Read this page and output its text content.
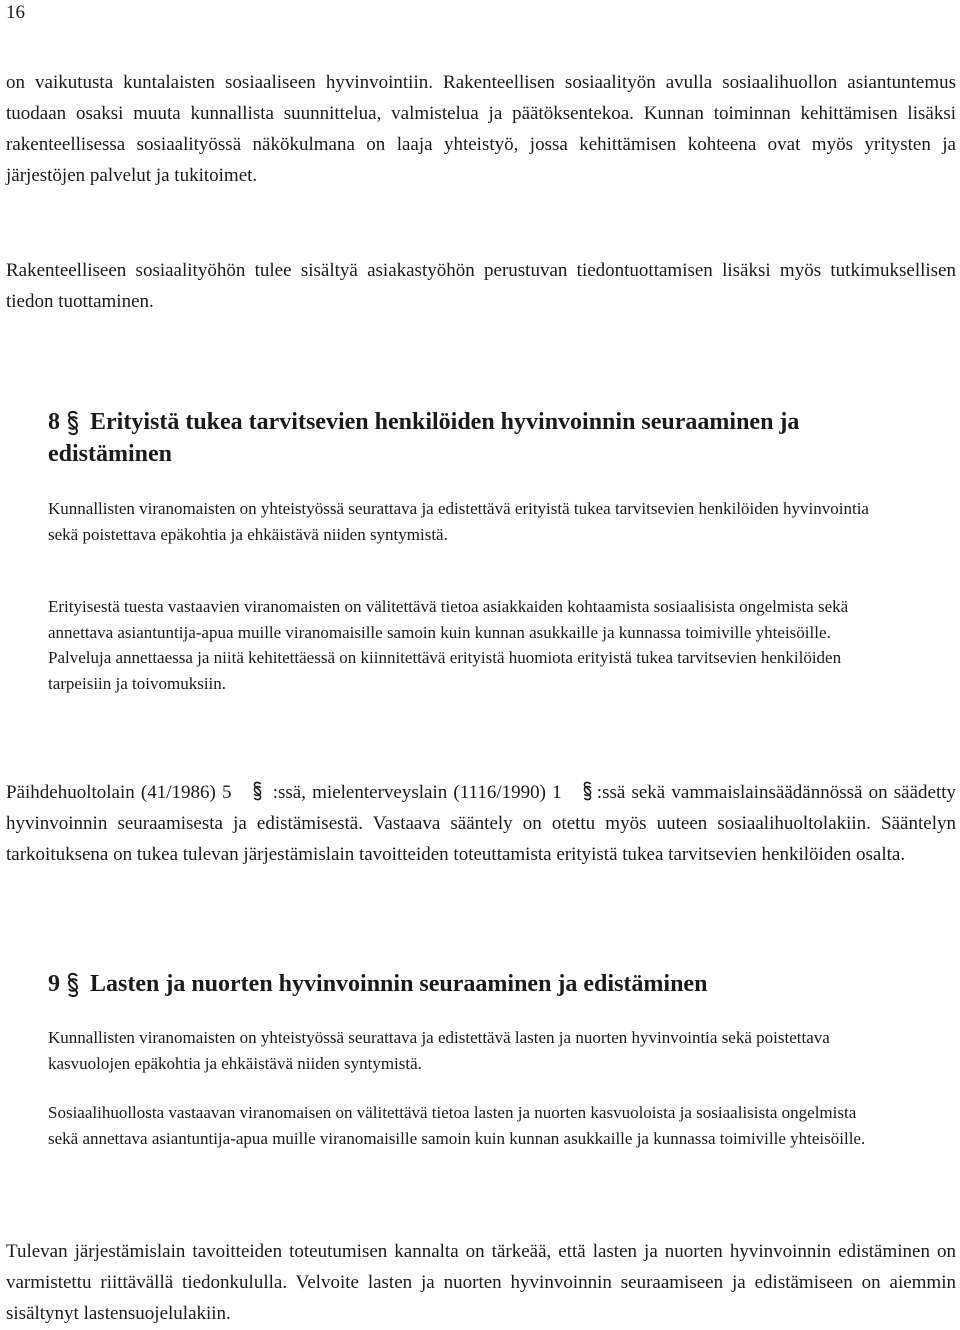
16

on vaikutusta kuntalaisten sosiaaliseen hyvinvointiin. Rakenteellisen sosiaalityön avulla sosiaalihuollon asiantuntemus tuodaan osaksi muuta kunnallista suunnittelua, valmistelua ja päätöksentekoa. Kunnan toiminnan kehittämisen lisäksi rakenteellisessa sosiaalityössä näkökulmana on laaja yhteistyö, jossa kehittämisen kohteena ovat myös yritysten ja järjestöjen palvelut ja tukitoimet.

Rakenteelliseen sosiaalityöhön tulee sisältyä asiakastyöhön perustuvan tiedontuottamisen lisäksi myös tutkimuksellisen tiedon tuottaminen.

8 Erityistä tukea tarvitsevien henkilöiden hyvinvoinnin seuraaminen ja edistäminen

Kunnallisten viranomaisten on yhteistyössä seurattava ja edistettävä erityistä tukea tarvitsevien henkilöiden hyvinvointia sekä poistettava epäkohtia ja ehkäistävä niiden syntymistä.

Erityisestä tuesta vastaavien viranomaisten on välitettävä tietoa asiakkaiden kohtaamista sosiaalisista ongelmista sekä annettava asiantuntija-apua muille viranomaisille samoin kuin kunnan asukkaille ja kunnassa toimiville yhteisöille. Palveluja annettaessa ja niitä kehitettäessä on kiinnitettävä erityistä huomiota erityistä tukea tarvitsevien henkilöiden tarpeisiin ja toivomuksiin.

Päihdehuoltolain (41/1986) 5 :ssä, mielenterveyslain (1116/1990) 1 :ssä sekä vammaislainsäädännössä on säädetty hyvinvoinnin seuraamisesta ja edistämisestä. Vastaava sääntely on otettu myös uuteen sosiaalihuoltolakiin. Sääntelyn tarkoituksena on tukea tulevan järjestämislain tavoitteiden toteuttamista erityistä tukea tarvitsevien henkilöiden osalta.

9 Lasten ja nuorten hyvinvoinnin seuraaminen ja edistäminen

Kunnallisten viranomaisten on yhteistyössä seurattava ja edistettävä lasten ja nuorten hyvinvointia sekä poistettava kasvuolojen epäkohtia ja ehkäistävä niiden syntymistä.

Sosiaalihuollosta vastaavan viranomaisen on välitettävä tietoa lasten ja nuorten kasvuoloista ja sosiaalisista ongelmista sekä annettava asiantuntija-apua muille viranomaisille samoin kuin kunnan asukkaille ja kunnassa toimiville yhteisöille.

Tulevan järjestämislain tavoitteiden toteutumisen kannalta on tärkeää, että lasten ja nuorten hyvinvoinnin edistäminen on varmistettu riittävällä tiedonkululla. Velvoite lasten ja nuorten hyvinvoinnin seuraamiseen ja edistämiseen on aiemmin sisältynyt lastensuojelulakiin.
